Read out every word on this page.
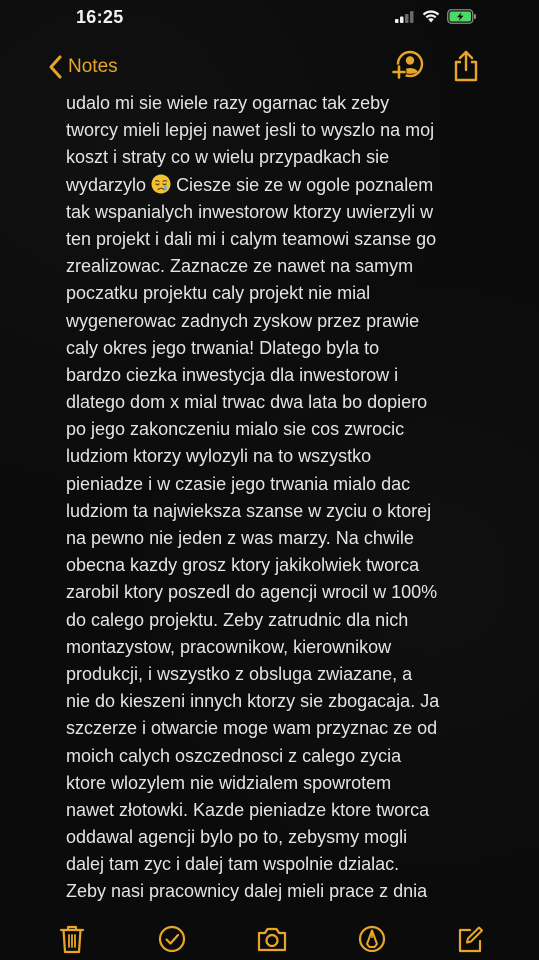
16:25
Notes
udalo mi sie wiele razy ogarnac tak zeby
tworcy mieli lepjej nawet jesli to wyszlo na moj
koszt i straty co w wielu przypadkach sie
wydarzylo Ciesze sie ze w ogole poznalem
tak wspanialych inwestorow ktorzy uwierzyli w
ten projekt i dali mi i calym teamowi szanse go
zrealizowac. Zaznacze ze nawet na samym
poczatku projektu caly projekt nie mial
wygenerowac zadnych zyskow przez prawie
caly okres jego trwania! Dlatego byla to
bardzo ciezka inwestycja dla inwestorow i
dlatego dom x mial trwac dwa lata bo dopiero
po jego zakonczeniu mialo sie cos zwrocic
ludziom ktorzy wylozyli na to wszystko
pieniadze i w czasie jego trwania mialo dac
ludziom ta najwieksza szanse w zyciu o ktorej
na pewno nie jeden z was marzy. Na chwile
obecna kazdy grosz ktory jakikolwiek tworca
zarobil ktory poszedl do agencji wrocil w 100%
do calego projektu. Zeby zatrudnic dla nich
montazystow, pracownikow, kierownikow
produkcji, i wszystko z obsluga zwiazane, a
nie do kieszeni innych ktorzy sie zbogacaja. Ja
szczerze i otwarcie moge wam przyznac ze od
moich calych oszczednosci z calego zycia
ktore wlozylem nie widzialem spowrotem
nawet złotowki. Kazde pieniadze ktore tworca
oddawal agencji bylo po to, zebysmy mogli
dalej tam zyc i dalej tam wspolnie dzialac.
Zeby nasi pracownicy dalej mieli prace z dnia
